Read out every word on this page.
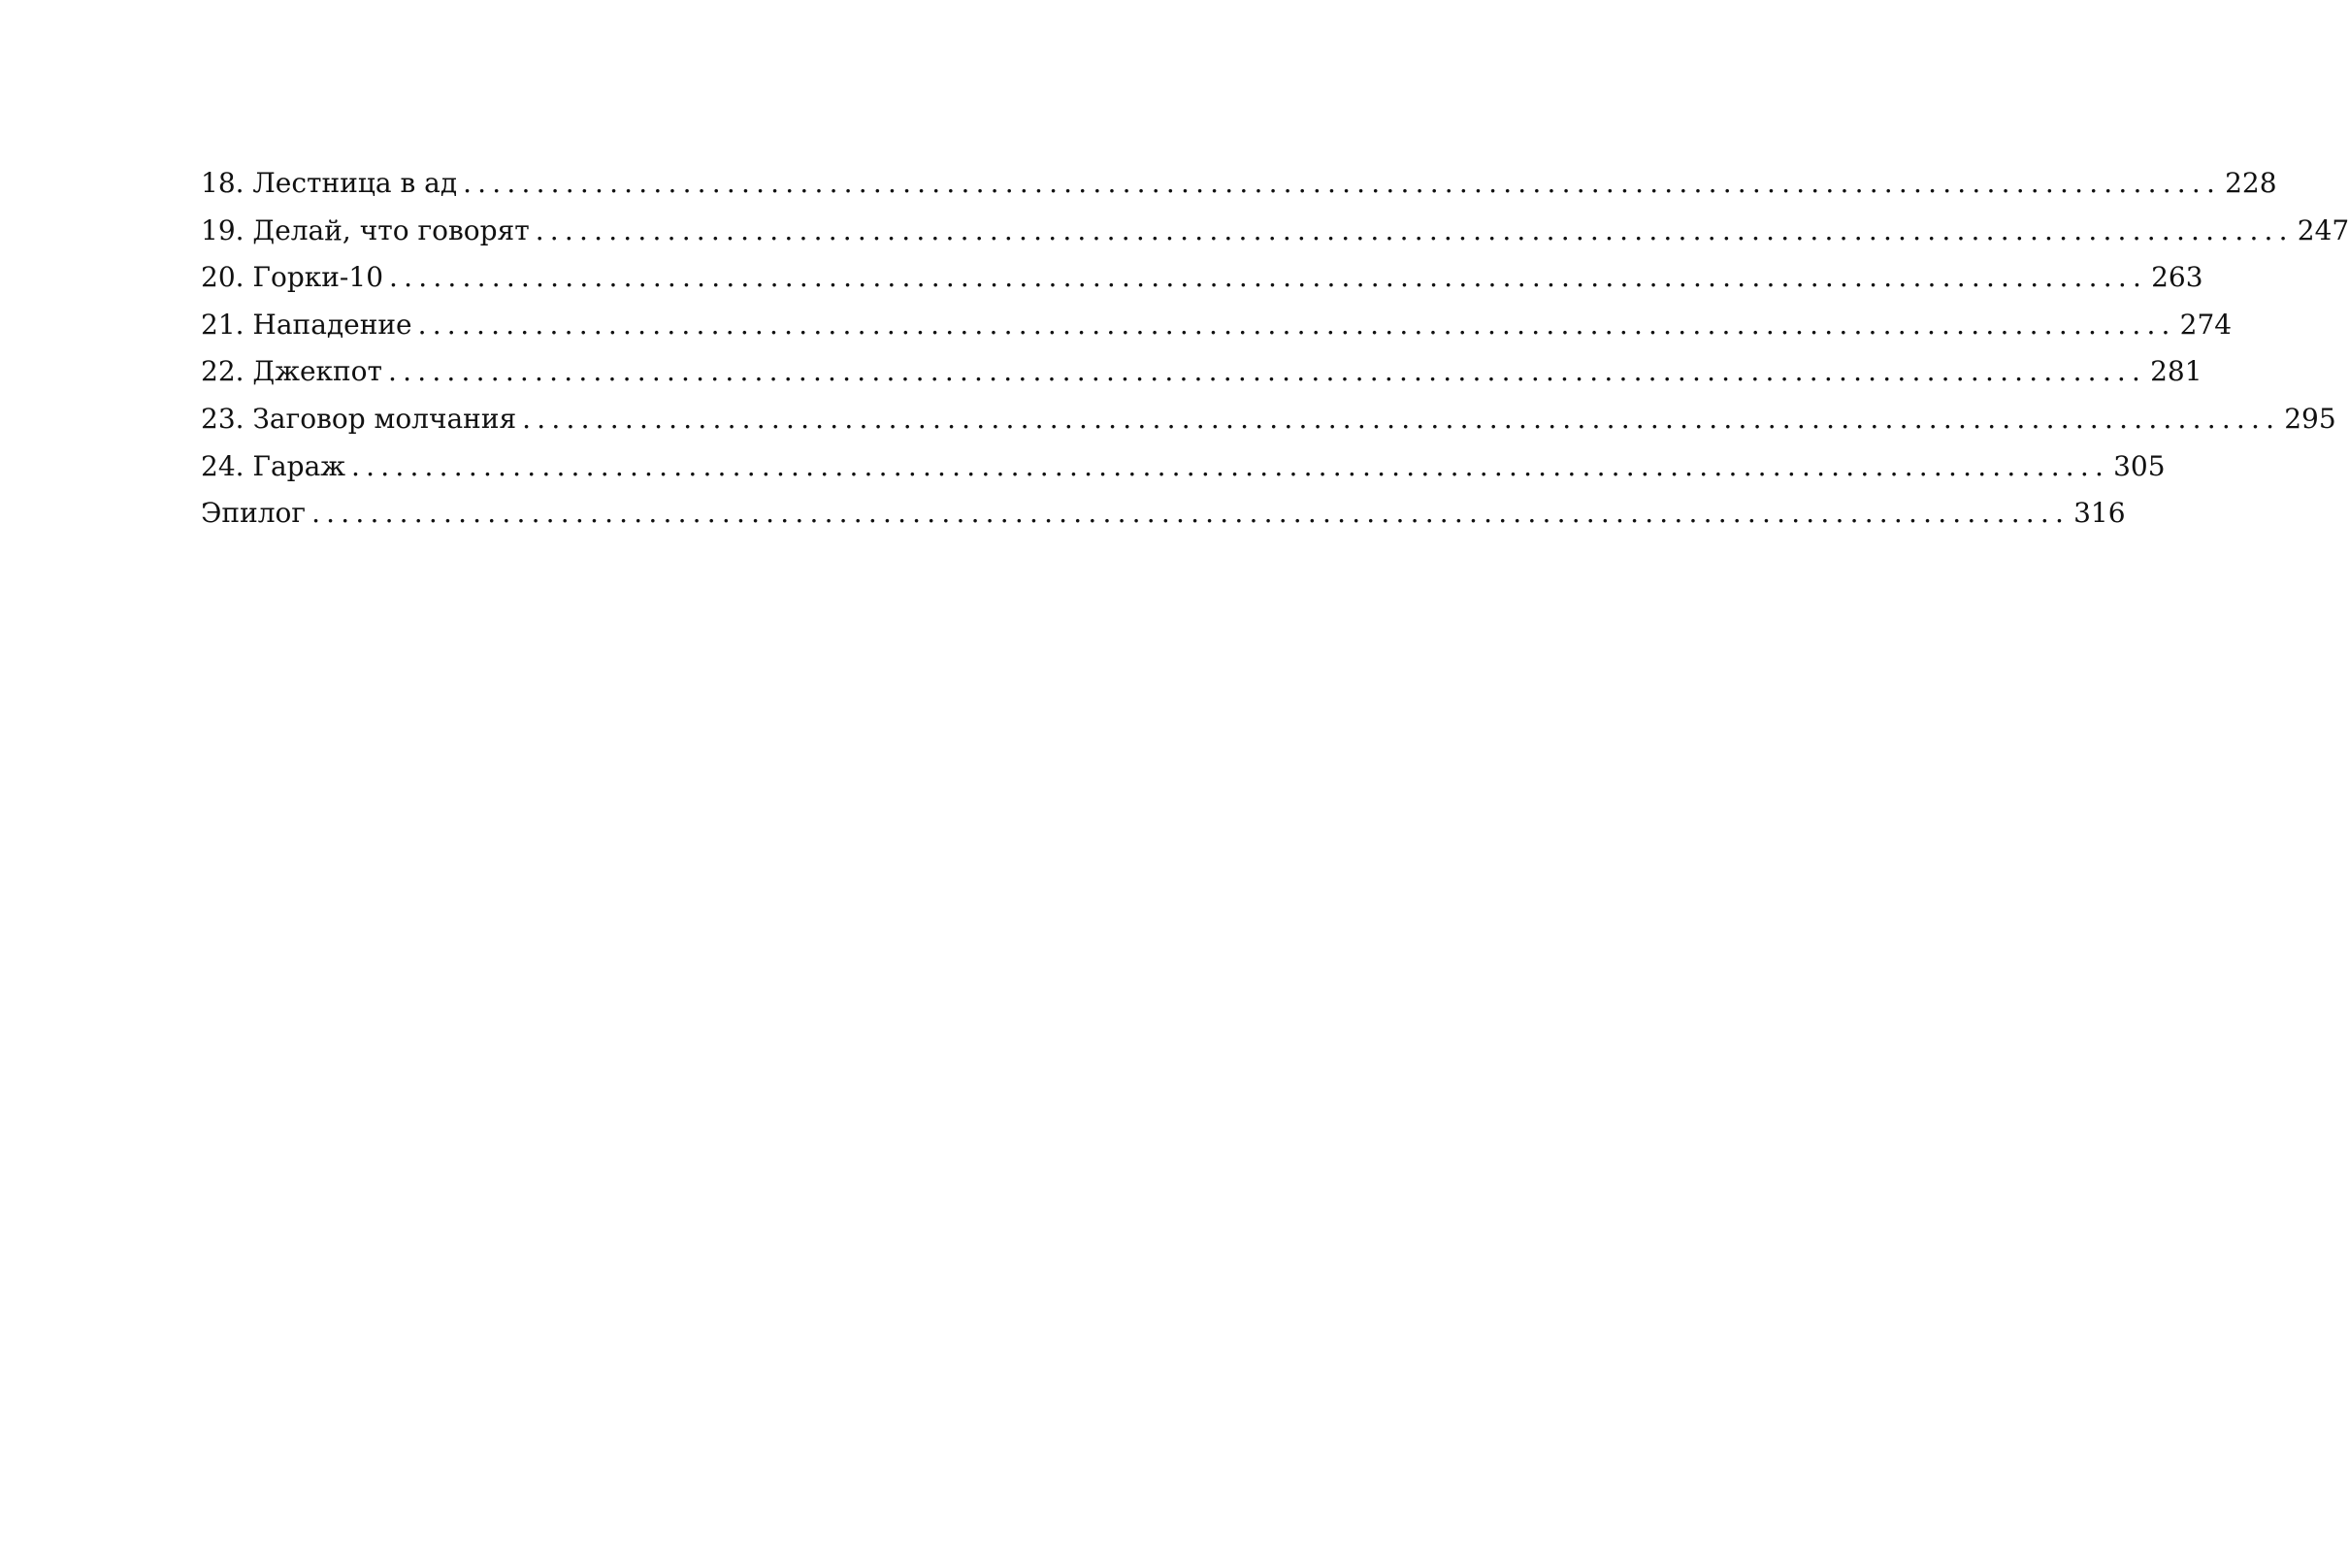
18. Лестница в ад ........................................................................................................................ 228
19. Делай, что говорят ........................................................................................................................ 247
20. Горки-10 ........................................................................................................................ 263
21. Нападение ........................................................................................................................ 274
22. Джекпот ........................................................................................................................ 281
23. Заговор молчания ........................................................................................................................ 295
24. Гараж ........................................................................................................................ 305
Эпилог ........................................................................................................................ 316
